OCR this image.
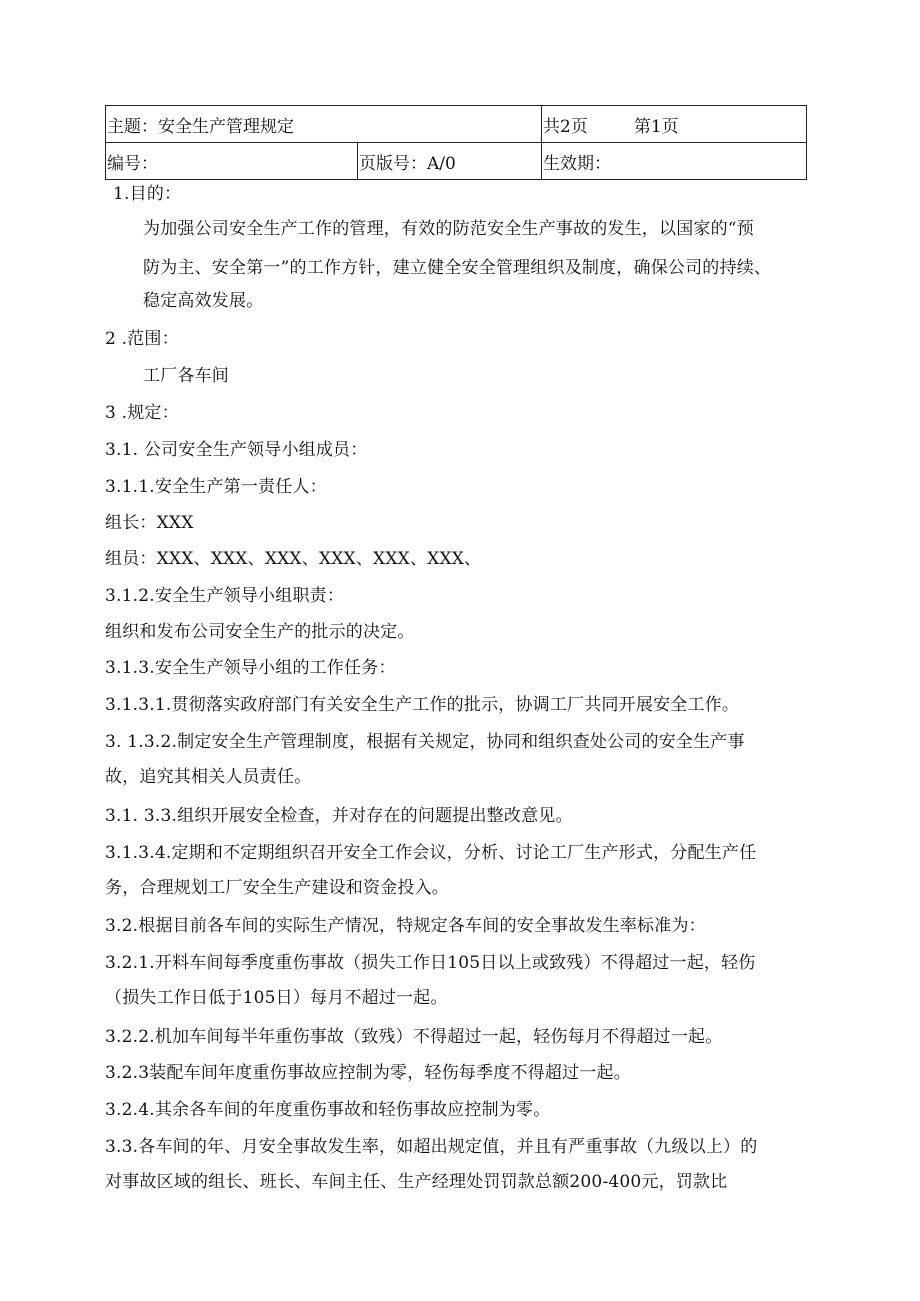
主题：安全生产管理规定		共2页 第1页
编号：	页版号：A/0	生效期：
1.目的：
为加强公司安全生产工作的管理，有效的防范安全生产事故的发生，以国家的“预
防为主、安全第一”的工作方针，建立健全安全管理组织及制度，确保公司的持续、
稳定高效发展。
2 .范围：
工厂各车间
3 .规定：
3.1. 公司安全生产领导小组成员：
3.1.1.安全生产第一责任人：
组长：XXX
组员：XXX、XXX、XXX、XXX、XXX、XXX、
3.1.2.安全生产领导小组职责：
组织和发布公司安全生产的批示的决定。
3.1.3.安全生产领导小组的工作任务：
3.1.3.1.贯彻落实政府部门有关安全生产工作的批示，协调工厂共同开展安全工作。
3. 1.3.2.制定安全生产管理制度，根据有关规定，协同和组织查处公司的安全生产事
故，追究其相关人员责任。
3.1. 3.3.组织开展安全检查，并对存在的问题提出整改意见。
3.1.3.4.定期和不定期组织召开安全工作会议，分析、讨论工厂生产形式，分配生产任
务，合理规划工厂安全生产建设和资金投入。
3.2.根据目前各车间的实际生产情况，特规定各车间的安全事故发生率标准为：
3.2.1.开料车间每季度重伤事故（损失工作日105日以上或致残）不得超过一起，轻伤
（损失工作日低于105日）每月不超过一起。
3.2.2.机加车间每半年重伤事故（致残）不得超过一起，轻伤每月不得超过一起。
3.2.3装配车间年度重伤事故应控制为零，轻伤每季度不得超过一起。
3.2.4.其余各车间的年度重伤事故和轻伤事故应控制为零。
3.3.各车间的年、月安全事故发生率，如超出规定值，并且有严重事故（九级以上）的
对事故区域的组长、班长、车间主任、生产经理处罚罚款总额200-400元，罚款比
